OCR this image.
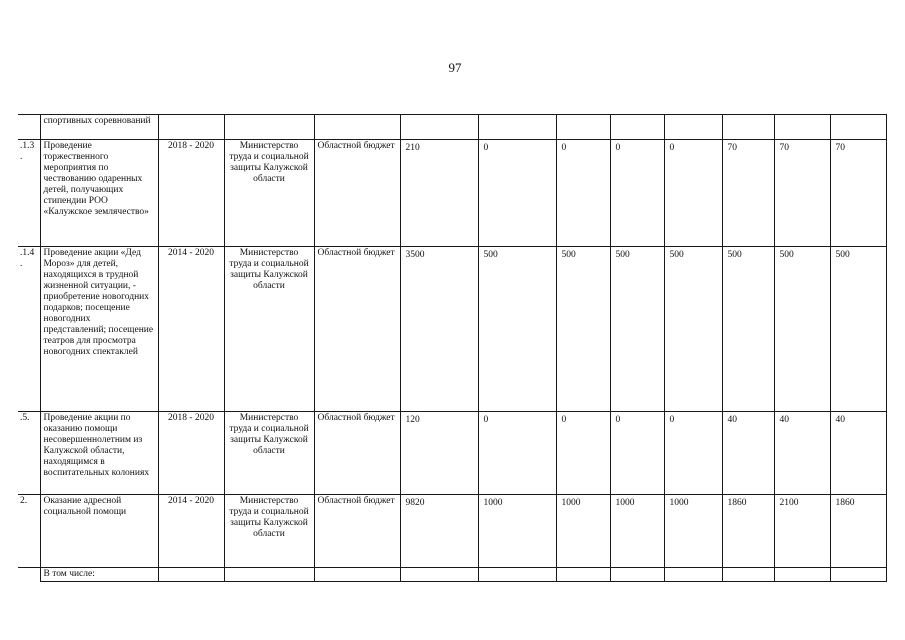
97
	спортивных соревнований											
.1.3.	Проведение торжественного мероприятия по чествованию одаренных детей, получающих стипендии РОО «Калужское землячество»	2018 - 2020	Министерство труда и социальной защиты Калужской области	Областной бюджет	210	0	0	0	0	70	70	70
.1.4.	Проведение акции «Дед Мороз» для детей, находящихся в трудной жизненной ситуации, - приобретение новогодних подарков; посещение новогодних представлений; посещение театров для просмотра новогодних спектаклей	2014 - 2020	Министерство труда и социальной защиты Калужской области	Областной бюджет	3500	500	500	500	500	500	500	500
.5.	Проведение акции по оказанию помощи несовершеннолетним из Калужской области, находящимся в воспитательных колониях	2018 - 2020	Министерство труда и социальной защиты Калужской области	Областной бюджет	120	0	0	0	0	40	40	40
2.	Оказание адресной социальной помощи	2014 - 2020	Министерство труда и социальной защиты Калужской области	Областной бюджет	9820	1000	1000	1000	1000	1860	2100	1860
	В том числе:											
